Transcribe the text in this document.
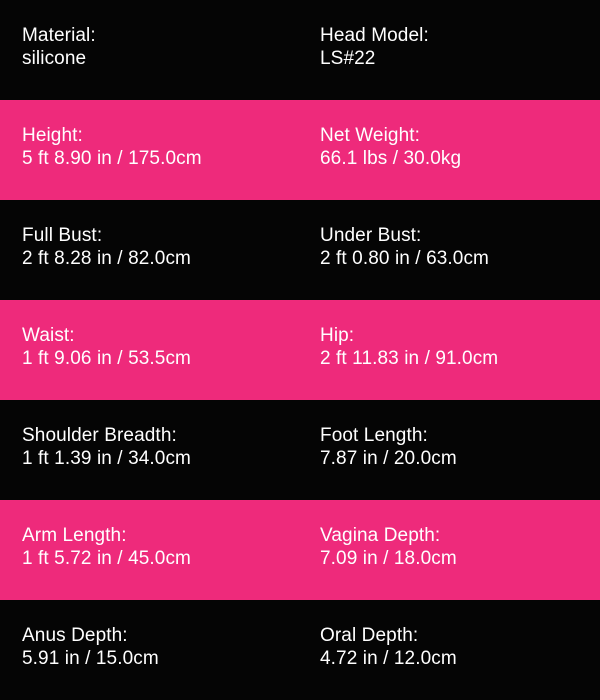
Material:
silicone
Head Model:
LS#22
Height:
5 ft 8.90 in / 175.0cm
Net Weight:
66.1 lbs / 30.0kg
Full Bust:
2 ft 8.28 in / 82.0cm
Under Bust:
2 ft 0.80 in / 63.0cm
Waist:
1 ft 9.06 in / 53.5cm
Hip:
2 ft 11.83 in / 91.0cm
Shoulder Breadth:
1 ft 1.39 in / 34.0cm
Foot Length:
7.87 in / 20.0cm
Arm Length:
1 ft 5.72 in / 45.0cm
Vagina Depth:
7.09 in / 18.0cm
Anus Depth:
5.91 in / 15.0cm
Oral Depth:
4.72 in / 12.0cm
